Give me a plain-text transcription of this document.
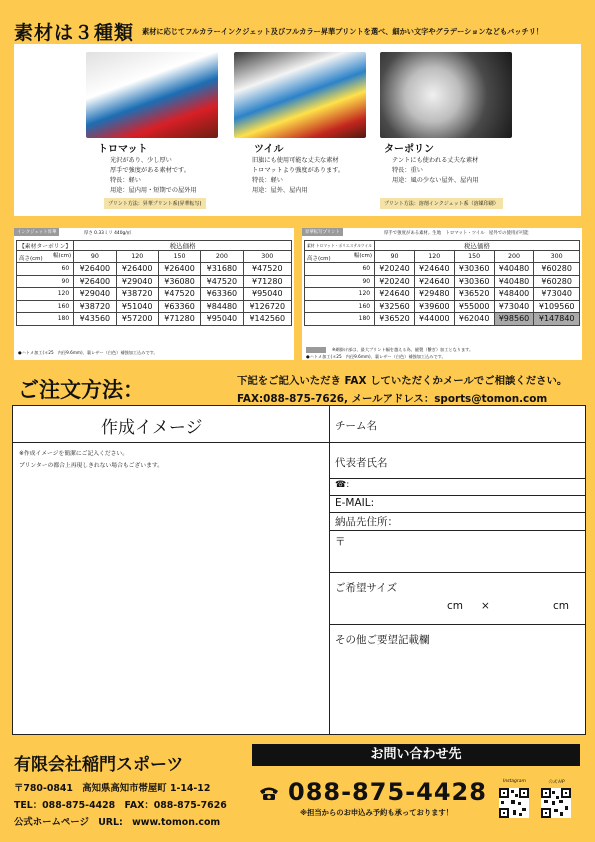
素材は３種類 素材に応じてフルカラーインクジェット及びフルカラー昇華プリントを選べ、細かい文字やグラデーションなどもバッチリ！
トロマット
光沢があり、少し厚い
厚手で強度がある素材です。
特長：軽い
用途：屋内用・短期での屋外用
プリント方法：昇華プリント系(昇華転写)
ツイル
旧旗にも使用可能な丈夫な素材
トロマットより強度があります。
特長：軽い
用途：屋外、屋内用
ターポリン
テントにも使われる丈夫な素材
特長：重い
用途：風の少ない屋外、屋内用
プリント方法：溶剤インクジェット系（溶媒印刷）
インクジェット昇華	厚さ 0.33ミリ 440g/㎡
【素材ターポリン】	税込価格				

幅(cm)
高さ(cm)	90	120	150	200	300
60	¥26400	¥26400	¥26400	¥31680	¥47520
90	¥26400	¥29040	¥36080	¥47520	¥71280
120	¥29040	¥38720	¥47520	¥63360	¥95040
160	¥38720	¥51040	¥63360	¥84480	¥126720
180	¥43560	¥57200	¥71280	¥95040	¥142560
●ハトメ加工(＊25　内径9.6mm)、裏レザー（白色）補強加工込みです。
昇華転写プリント	厚手で強度がある素材。生地　トロマット・ツイル　屋外での使用が可能
素材 トロマット・ポリエステルツイル	税込価格				

幅(cm)
高さ(cm)	90	120	150	200	300
60	¥20240	¥24640	¥30360	¥40480	¥60280
90	¥20240	¥24640	¥30360	¥40480	¥60280
120	¥24640	¥29480	¥36520	¥48400	¥73040
160	¥32560	¥39600	¥55000	¥73040	¥109560
180	¥36520	¥44000	¥62040	¥98560	¥147840
※網掛け部は、最大プリント幅を越える為、縫製（繋ぎ）加工となります。
●ハトメ加工(＊25　内径9.6mm)、裏レザー（白色）補強加工込みです。
ご注文方法：	下記をご記入いただき FAX していただくかメールでご相談ください。
FAX:088-875-7626, メールアドレス：sports@tomon.com
作成イメージ
※作成イメージを簡潔にご記入ください。
プリンターの都合上再現しきれない場合もございます。
チーム名
代表者氏名
☎:
E-MAIL:
納品先住所：
〒
ご希望サイズ
cm ×	cm
その他ご要望記載欄
有限会社稲門スポーツ
お問い合わせ先
〒780-0841　高知県高知市帯屋町 1-14-12
TEL：088-875-4428　FAX：088-875-7626
公式ホームページ　URL:　www.tomon.com
088-875-4428
※担当からのお申込み予約も承っております！
Instagram	公式 HP
